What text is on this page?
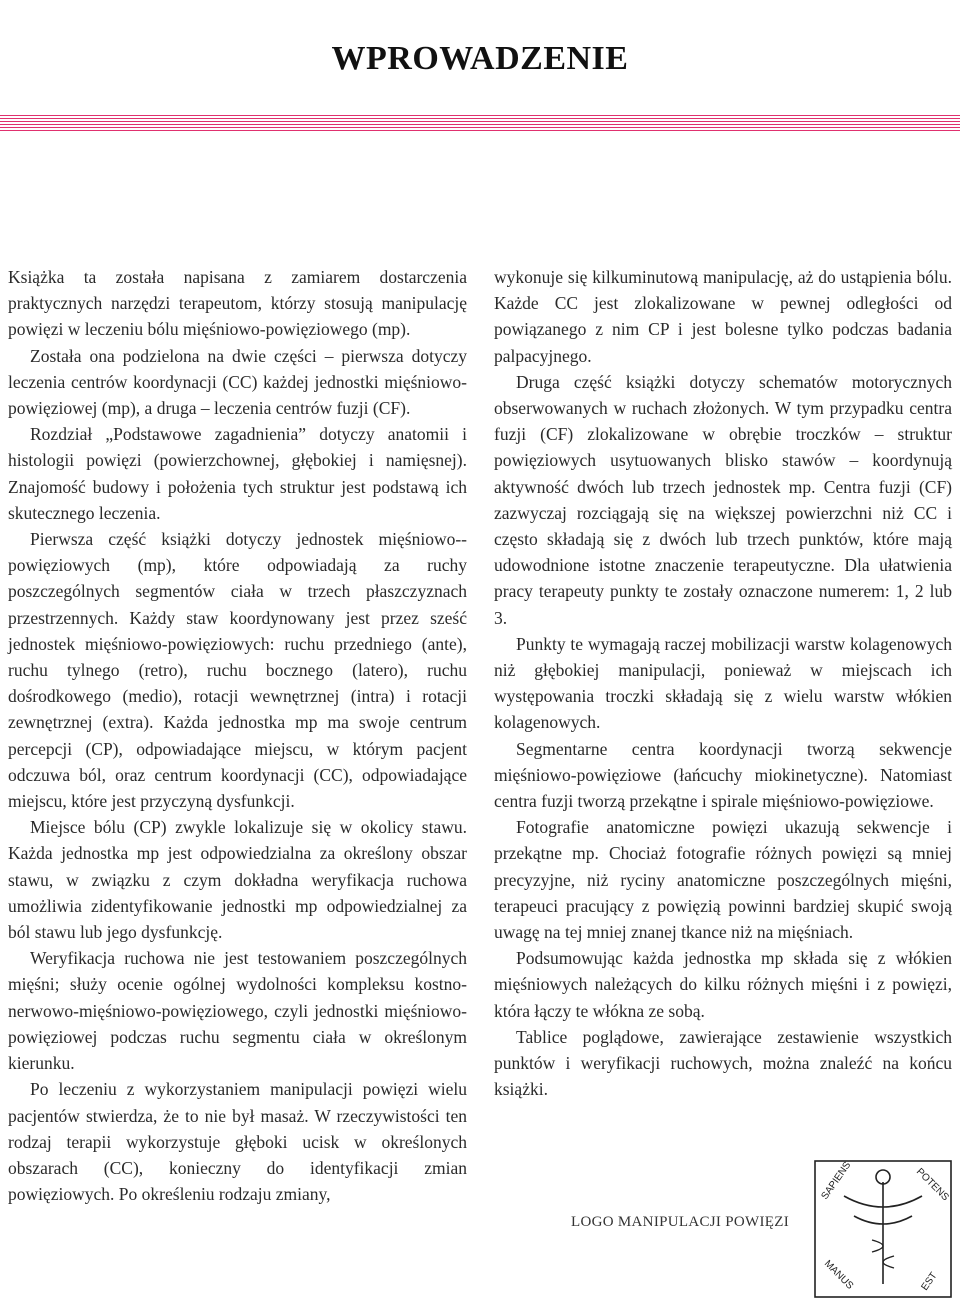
WPROWADZENIE

Książka ta została napisana z zamiarem dostarczenia praktycznych narzędzi terapeutom, którzy stosują manipulację powięzi w leczeniu bólu mięśniowo-powięziowego (mp).

Została ona podzielona na dwie części – pierwsza dotyczy leczenia centrów koordynacji (CC) każdej jednostki mięśniowo-powięziowej (mp), a druga – leczenia centrów fuzji (CF).

Rozdział „Podstawowe zagadnienia” dotyczy anatomii i histologii powięzi (powierzchownej, głębokiej i namięsnej). Znajomość budowy i położenia tych struktur jest podstawą ich skutecznego leczenia.

Pierwsza część książki dotyczy jednostek mięśniowo--powięziowych (mp), które odpowiadają za ruchy poszczególnych segmentów ciała w trzech płaszczyznach przestrzennych. Każdy staw koordynowany jest przez sześć jednostek mięśniowo-powięziowych: ruchu przedniego (ante), ruchu tylnego (retro), ruchu bocznego (latero), ruchu dośrodkowego (medio), rotacji wewnętrznej (intra) i rotacji zewnętrznej (extra). Każda jednostka mp ma swoje centrum percepcji (CP), odpowiadające miejscu, w którym pacjent odczuwa ból, oraz centrum koordynacji (CC), odpowiadające miejscu, które jest przyczyną dysfunkcji.

Miejsce bólu (CP) zwykle lokalizuje się w okolicy stawu. Każda jednostka mp jest odpowiedzialna za określony obszar stawu, w związku z czym dokładna weryfikacja ruchowa umożliwia zidentyfikowanie jednostki mp odpowiedzialnej za ból stawu lub jego dysfunkcję.

Weryfikacja ruchowa nie jest testowaniem poszczególnych mięśni; służy ocenie ogólnej wydolności kompleksu kostno-nerwowo-mięśniowo-powięziowego, czyli jednostki mięśniowo-powięziowej podczas ruchu segmentu ciała w określonym kierunku.

Po leczeniu z wykorzystaniem manipulacji powięzi wielu pacjentów stwierdza, że to nie był masaż. W rzeczywistości ten rodzaj terapii wykorzystuje głęboki ucisk w określonych obszarach (CC), konieczny do identyfikacji zmian powięziowych. Po określeniu rodzaju zmiany,

wykonuje się kilkuminutową manipulację, aż do ustąpienia bólu. Każde CC jest zlokalizowane w pewnej odległości od powiązanego z nim CP i jest bolesne tylko podczas badania palpacyjnego.

Druga część książki dotyczy schematów motorycznych obserwowanych w ruchach złożonych. W tym przypadku centra fuzji (CF) zlokalizowane w obrębie troczków – struktur powięziowych usytuowanych blisko stawów – koordynują aktywność dwóch lub trzech jednostek mp. Centra fuzji (CF) zazwyczaj rozciągają się na większej powierzchni niż CC i często składają się z dwóch lub trzech punktów, które mają udowodnione istotne znaczenie terapeutyczne. Dla ułatwienia pracy terapeuty punkty te zostały oznaczone numerem: 1, 2 lub 3.

Punkty te wymagają raczej mobilizacji warstw kolagenowych niż głębokiej manipulacji, ponieważ w miejscach ich występowania troczki składają się z wielu warstw włókien kolagenowych.

Segmentarne centra koordynacji tworzą sekwencje mięśniowo-powięziowe (łańcuchy miokinetyczne). Natomiast centra fuzji tworzą przekątne i spirale mięśniowo-powięziowe.

Fotografie anatomiczne powięzi ukazują sekwencje i przekątne mp. Chociaż fotografie różnych powięzi są mniej precyzyjne, niż ryciny anatomiczne poszczególnych mięśni, terapeuci pracujący z powięzią powinni bardziej skupić swoją uwagę na tej mniej znanej tkance niż na mięśniach.

Podsumowując każda jednostka mp składa się z włókien mięśniowych należących do kilku różnych mięśni i z powięzi, która łączy te włókna ze sobą.

Tablice poglądowe, zawierające zestawienie wszystkich punktów i weryfikacji ruchowych, można znaleźć na końcu książki.

LOGO MANIPULACJI POWIĘZI
SAPIENS	POTENS
MANUS	EST
